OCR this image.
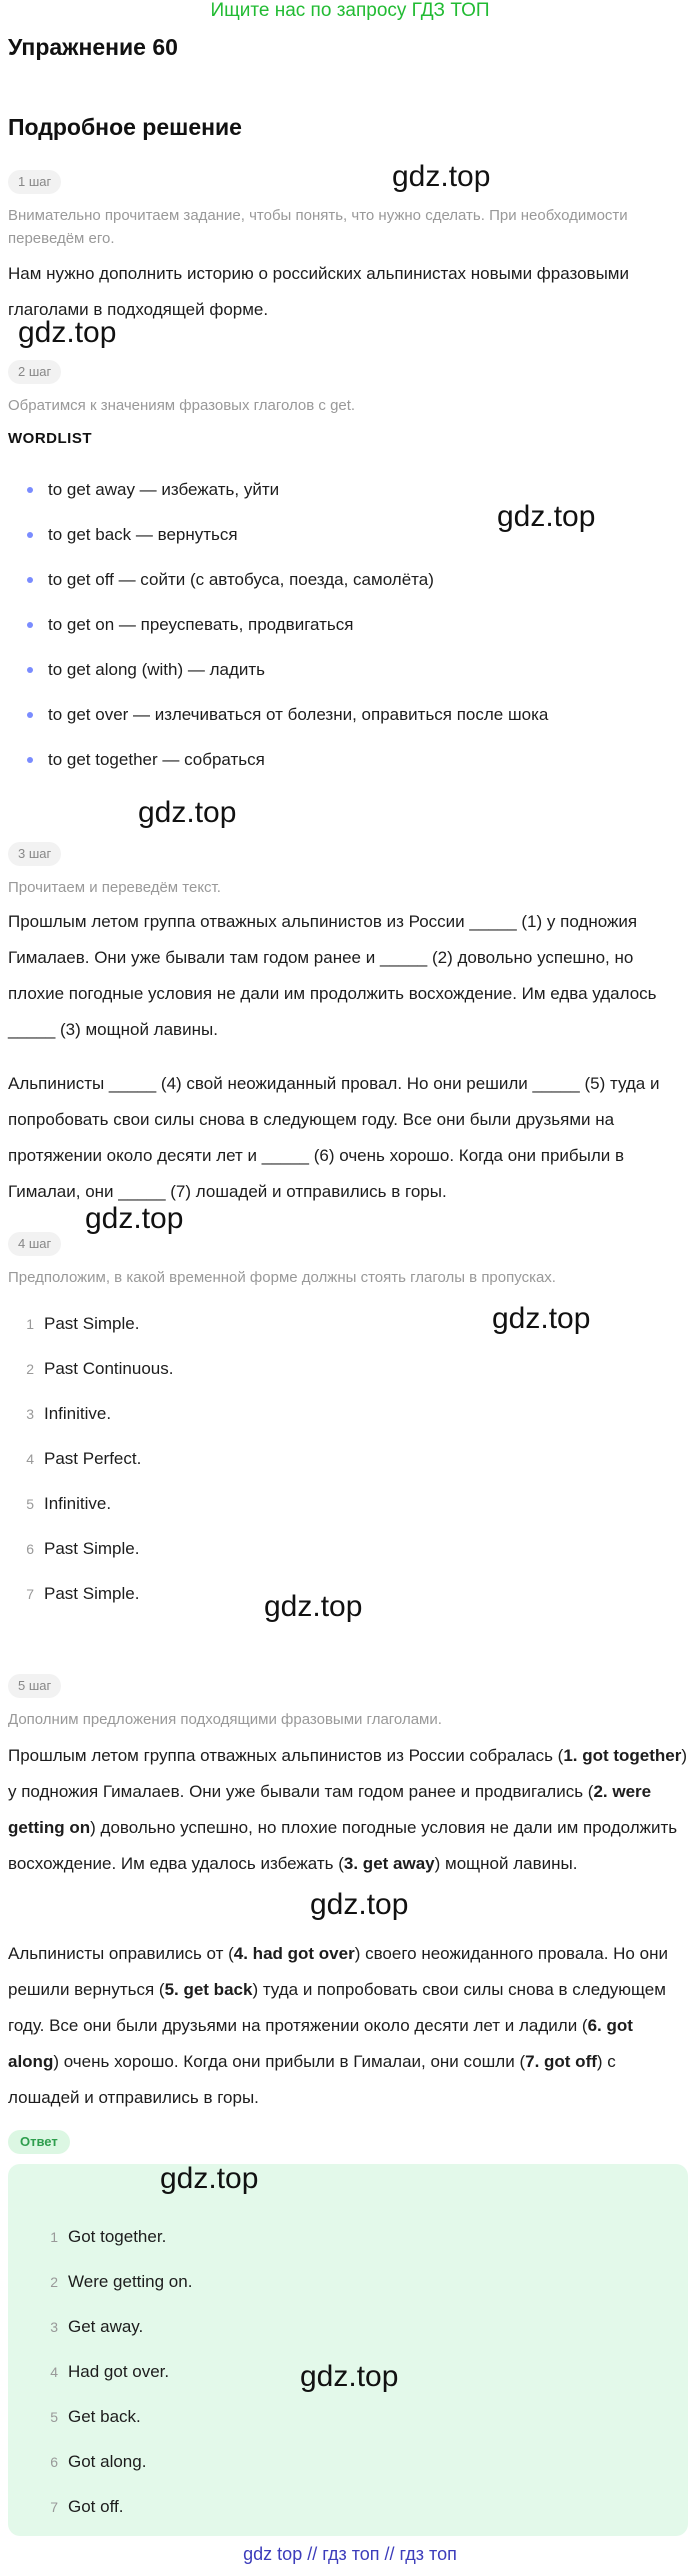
Ищите нас по запросу ГДЗ ТОП
Упражнение 60
Подробное решение
1 шаг
Внимательно прочитаем задание, чтобы понять, что нужно сделать. При необходимости переведём его.
Нам нужно дополнить историю о российских альпинистах новыми фразовыми глаголами в подходящей форме.
2 шаг
Обратимся к значениям фразовых глаголов с get.
WORDLIST
to get away — избежать, уйти
to get back — вернуться
to get off — сойти (с автобуса, поезда, самолёта)
to get on — преуспевать, продвигаться
to get along (with) — ладить
to get over — излечиваться от болезни, оправиться после шока
to get together — собраться
3 шаг
Прочитаем и переведём текст.
Прошлым летом группа отважных альпинистов из России _____ (1) у подножия Гималаев. Они уже бывали там годом ранее и _____ (2) довольно успешно, но плохие погодные условия не дали им продолжить восхождение. Им едва удалось _____ (3) мощной лавины.
Альпинисты _____ (4) свой неожиданный провал. Но они решили _____ (5) туда и попробовать свои силы снова в следующем году. Все они были друзьями на протяжении около десяти лет и _____ (6) очень хорошо. Когда они прибыли в Гималаи, они _____ (7) лошадей и отправились в горы.
4 шаг
Предположим, в какой временной форме должны стоять глаголы в пропусках.
1 Past Simple.
2 Past Continuous.
3 Infinitive.
4 Past Perfect.
5 Infinitive.
6 Past Simple.
7 Past Simple.
5 шаг
Дополним предложения подходящими фразовыми глаголами.
Прошлым летом группа отважных альпинистов из России собралась (1. got together) у подножия Гималаев. Они уже бывали там годом ранее и продвигались (2. were getting on) довольно успешно, но плохие погодные условия не дали им продолжить восхождение. Им едва удалось избежать (3. get away) мощной лавины.
Альпинисты оправились от (4. had got over) своего неожиданного провала. Но они решили вернуться (5. get back) туда и попробовать свои силы снова в следующем году. Все они были друзьями на протяжении около десяти лет и ладили (6. got along) очень хорошо. Когда они прибыли в Гималаи, они сошли (7. got off) с лошадей и отправились в горы.
Ответ
1 Got together.
2 Were getting on.
3 Get away.
4 Had got over.
5 Get back.
6 Got along.
7 Got off.
gdz.top
gdz.top
gdz.top
gdz.top
gdz.top
gdz.top
gdz.top
gdz.top
gdz.top
gdz.top
gdz top // гдз топ // гдз топ
